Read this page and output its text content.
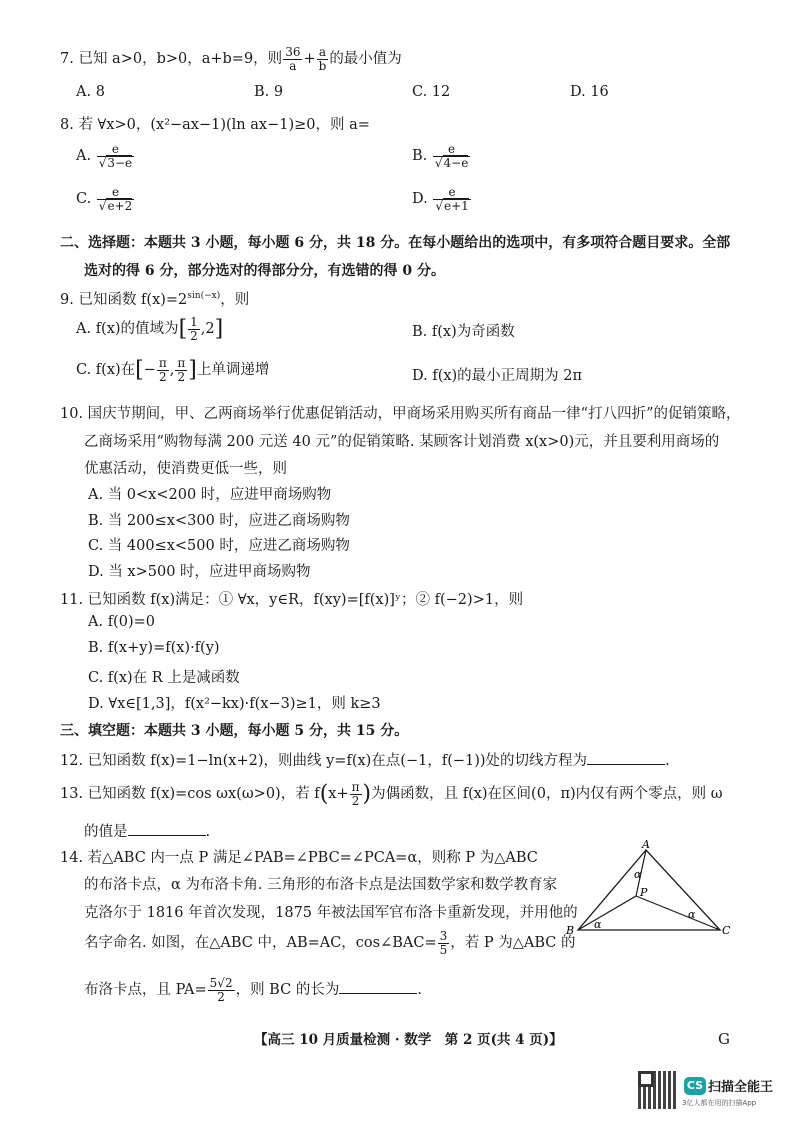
7. 已知 a>0，b>0，a+b=9，则 $\frac{36}{a} + \frac{a}{b}$ 的最小值为
A. 8	B. 9	C. 12	D. 16
8. 若 ∀x>0，(x²−ax−1)(ln ax−1)≥0，则 a=
A. $\frac{e}{√3-e}$	B. $\frac{e}{√4-e}$
C. $\frac{e}{√e+2}$	D. $\frac{e}{√e+1}$
二、选择题：本题共 3 小题，每小题 6 分，共 18 分。在每小题给出的选项中，有多项符合题目要求。全部
选对的得 6 分，部分选对的得部分分，有选错的得 0 分。
9. 已知函数 $f(x)=2^{sin(-x)}$，则
A. f(x)的值域为[ $\frac{1}{2} ,2$]	B. f(x)为奇函数
C. f(x)在[− $\frac{\pi}{2}$ , $\frac{\pi}{2}$ ]上单调递增	D. f(x)的最小正周期为 2π
10. 国庆节期间，甲、乙两商场举行优惠促销活动，甲商场采用购买所有商品一律“打八四折”的促销策略，
乙商场采用“购物每满 200 元送 40 元”的促销策略. 某顾客计划消费 x(x>0)元，并且要利用商场的
优惠活动，使消费更低一些，则
A. 当 0<x<200 时，应进甲商场购物
B. 当 200≤x<300 时，应进乙商场购物
C. 当 400≤x<500 时，应进乙商场购物
D. 当 x>500 时，应进甲商场购物
11. 已知函数 f(x)满足：① ∀x，y∈R，f(xy)=[f(x)]ʸ；② f(−2)>1，则
A. f(0)=0
B. f(x+y)=f(x)·f(y)
C. f(x)在 R 上是减函数
D. ∀x∈[1,3]，f(x²−kx)·f(x−3)≥1，则 k≥3
三、填空题：本题共 3 小题，每小题 5 分，共 15 分。
12. 已知函数 f(x)=1−ln(x+2)，则曲线 y=f(x)在点(−1，f(−1))处的切线方程为	.
13. 已知函数 f(x)=cos ωx(ω>0)，若 $f(x+ \frac{\pi}{2}$ )为偶函数，且 f(x)在区间(0，π)内仅有两个零点，则 ω
的值是	.
14. 若△ABC 内一点 P 满足∠PAB=∠PBC=∠PCA=α，则称 P 为△ABC
的布洛卡点，α 为布洛卡角. 三角形的布洛卡点是法国数学家和数学教育家
克洛尔于 1816 年首次发现，1875 年被法国军官布洛卡重新发现，并用他的
名字命名. 如图，在△ABC 中，AB=AC，cos∠BAC= $\frac{3}{5}$ ，若 P 为△ABC 的
布洛卡点，且 $PA= \frac{5√2}{2}$ ，则 BC 的长为	.
A
B	C
P
α
α
α
【高三 10 月质量检测 · 数学　第 2 页(共 4 页)】	G
CS 扫描全能王
3亿人都在用的扫描App
